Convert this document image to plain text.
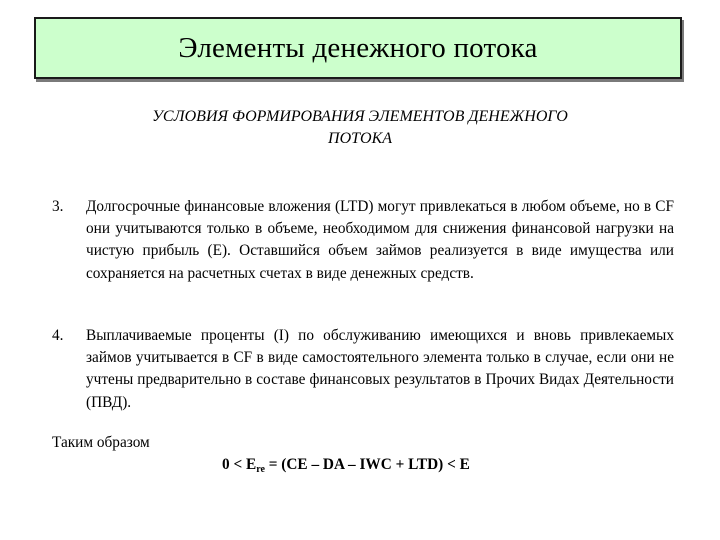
Элементы денежного потока
УСЛОВИЯ ФОРМИРОВАНИЯ ЭЛЕМЕНТОВ ДЕНЕЖНОГО
ПОТОКА
3.	Долгосрочные финансовые вложения (LTD) могут привлекаться в любом объеме, но в CF они учитываются только в объеме, необходимом для снижения финансовой нагрузки на чистую прибыль (E). Оставшийся объем займов реализуется в виде имущества или сохраняется на расчетных счетах в виде денежных средств.
4.	Выплачиваемые проценты (I) по обслуживанию имеющихся и вновь привлекаемых займов учитывается в CF в виде самостоятельного элемента только в случае, если они не учтены предварительно в составе финансовых результатов в Прочих Видах Деятельности (ПВД).
Таким образом
$0 < E_{re} = (CE$ – DA – IWC + LTD) < E
